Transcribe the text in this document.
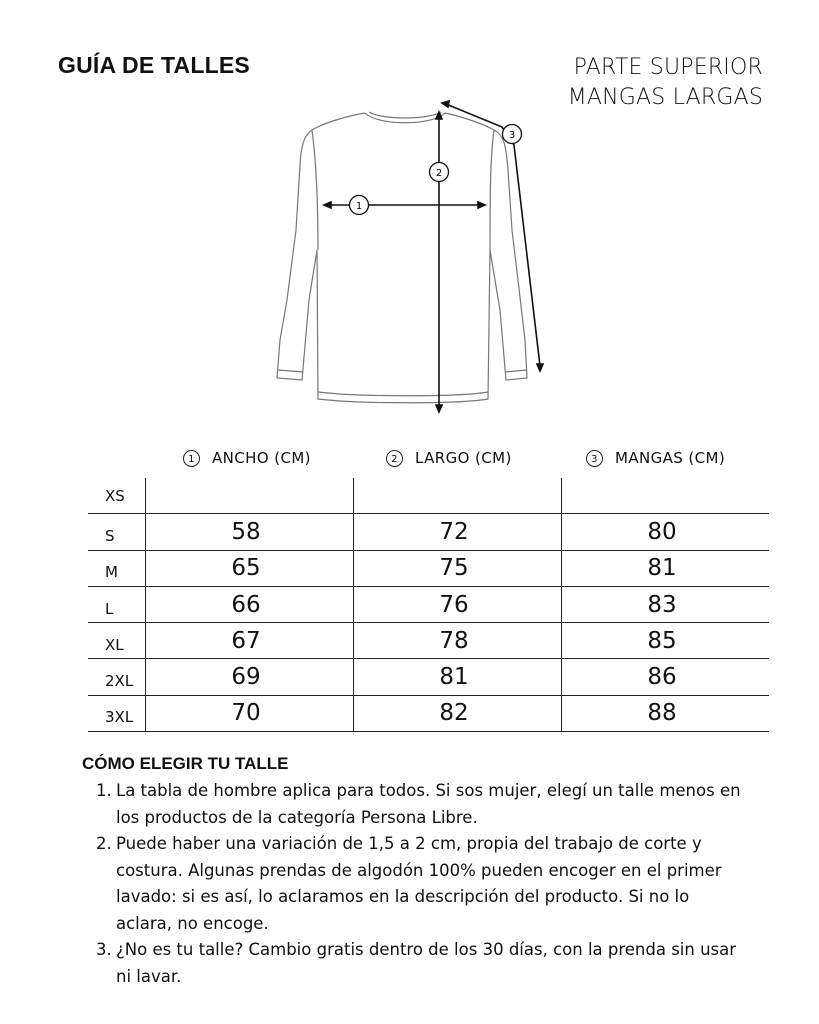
GUÍA DE TALLES	PARTE SUPERIOR
MANGAS LARGAS
1
2
3
1	ANCHO (CM)	2	LARGO (CM)	3	MANGAS (CM)
XS			
S	58	72	80
M	65	75	81
L	66	76	83
XL	67	78	85
2XL	69	81	86
3XL	70	82	88
CÓMO ELEGIR TU TALLE
1. La tabla de hombre aplica para todos. Si sos mujer, elegí un talle menos en los productos de la categoría Persona Libre.
2. Puede haber una variación de 1,5 a 2 cm, propia del trabajo de corte y costura. Algunas prendas de algodón 100% pueden encoger en el primer lavado: si es así, lo aclaramos en la descripción del producto. Si no lo aclara, no encoge.
3. ¿No es tu talle? Cambio gratis dentro de los 30 días, con la prenda sin usar ni lavar.
